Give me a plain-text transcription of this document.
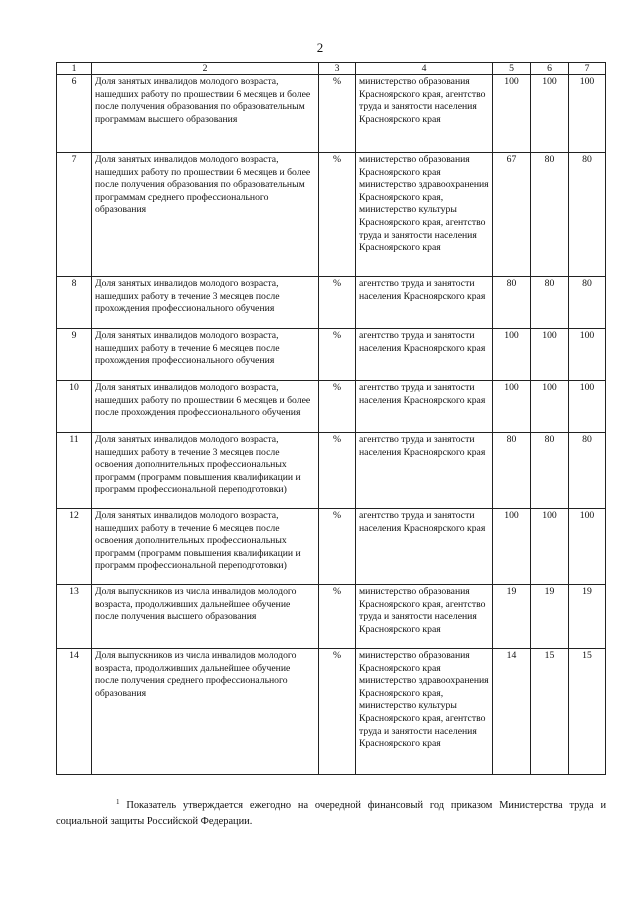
2
1	2	3	4	5	6	7
6	Доля занятых инвалидов молодого возраста, нашедших работу по прошествии 6 месяцев и более после получения образования по образовательным программам высшего образования	%	министерство образования Красноярского края, агентство труда и занятости населения Красноярского края	100	100	100
7	Доля занятых инвалидов молодого возраста, нашедших работу по прошествии 6 месяцев и более после получения образования по образовательным программам среднего профессионального образования	%	министерство образования Красноярского края министерство здравоохранения Красноярского края, министерство культуры Красноярского края, агентство труда и занятости населения Красноярского края	67	80	80
8	Доля занятых инвалидов молодого возраста, нашедших работу в течение 3 месяцев после прохождения профессионального обучения	%	агентство труда и занятости населения Красноярского края	80	80	80
9	Доля занятых инвалидов молодого возраста, нашедших работу в течение 6 месяцев после прохождения профессионального обучения	%	агентство труда и занятости населения Красноярского края	100	100	100
10	Доля занятых инвалидов молодого возраста, нашедших работу по прошествии 6 месяцев и более после прохождения профессионального обучения	%	агентство труда и занятости населения Красноярского края	100	100	100
11	Доля занятых инвалидов молодого возраста, нашедших работу в течение 3 месяцев после освоения дополнительных профессиональных программ (программ повышения квалификации и программ профессиональной переподготовки)	%	агентство труда и занятости населения Красноярского края	80	80	80
12	Доля занятых инвалидов молодого возраста, нашедших работу в течение 6 месяцев после освоения дополнительных профессиональных программ (программ повышения квалификации и программ профессиональной переподготовки)	%	агентство труда и занятости населения Красноярского края	100	100	100
13	Доля выпускников из числа инвалидов молодого возраста, продолживших дальнейшее обучение после получения высшего образования	%	министерство образования Красноярского края, агентство труда и занятости населения Красноярского края	19	19	19
14	Доля выпускников из числа инвалидов молодого возраста, продолживших дальнейшее обучение после получения среднего профессионального образования	%	министерство образования Красноярского края министерство здравоохранения Красноярского края, министерство культуры Красноярского края, агентство труда и занятости населения Красноярского края	14	15	15
$^1$ Показатель утверждается ежегодно на очередной финансовый год приказом Министерства труда и социальной защиты Российской Федерации.
